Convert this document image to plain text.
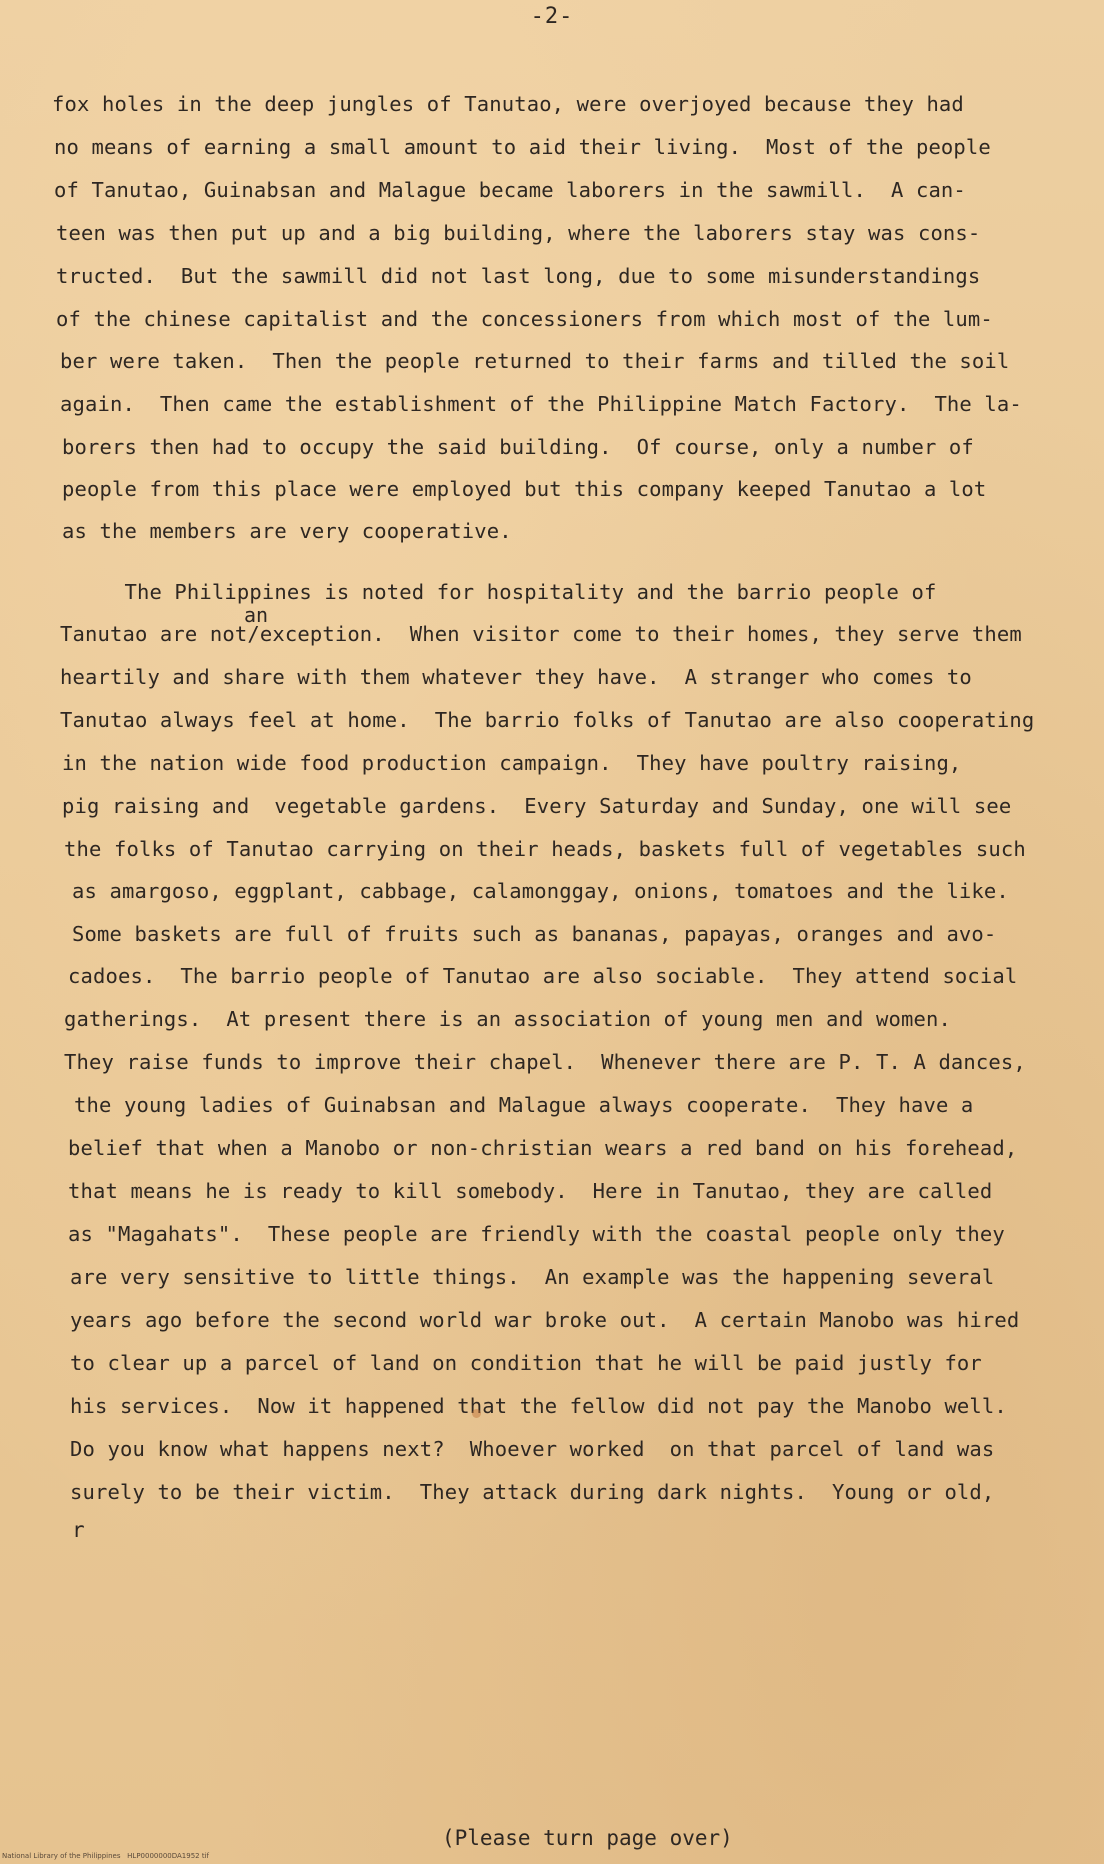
-2-
fox holes in the deep jungles of Tanutao, were overjoyed because they had
no means of earning a small amount to aid their living.  Most of the people
of Tanutao, Guinabsan and Malague became laborers in the sawmill.  A can-
teen was then put up and a big building, where the laborers stay was cons-
tructed.  But the sawmill did not last long, due to some misunderstandings
of the chinese capitalist and the concessioners from which most of the lum-
ber were taken.  Then the people returned to their farms and tilled the soil
again.  Then came the establishment of the Philippine Match Factory.  The la-
borers then had to occupy the said building.  Of course, only a number of
people from this place were employed but this company keeped Tanutao a lot
as the members are very cooperative.
an
The Philippines is noted for hospitality and the barrio people of
Tanutao are not/exception.  When visitor come to their homes, they serve them
heartily and share with them whatever they have.  A stranger who comes to
Tanutao always feel at home.  The barrio folks of Tanutao are also cooperating
in the nation wide food production campaign.  They have poultry raising,
pig raising and  vegetable gardens.  Every Saturday and Sunday, one will see
the folks of Tanutao carrying on their heads, baskets full of vegetables such
as amargoso, eggplant, cabbage, calamonggay, onions, tomatoes and the like.
Some baskets are full of fruits such as bananas, papayas, oranges and avo-
cadoes.  The barrio people of Tanutao are also sociable.  They attend social
gatherings.  At present there is an association of young men and women.
They raise funds to improve their chapel.  Whenever there are P. T. A dances,
the young ladies of Guinabsan and Malague always cooperate.  They have a
belief that when a Manobo or non-christian wears a red band on his forehead,
that means he is ready to kill somebody.  Here in Tanutao, they are called
as "Magahats".  These people are friendly with the coastal people only they
are very sensitive to little things.  An example was the happening several
years ago before the second world war broke out.  A certain Manobo was hired
to clear up a parcel of land on condition that he will be paid justly for
his services.  Now it happened that the fellow did not pay the Manobo well.
Do you know what happens next?  Whoever worked  on that parcel of land was
surely to be their victim.  They attack during dark nights.  Young or old,
r
(Please turn page over)
National Library of the Philippines   HLP0000000DA1952 tif
